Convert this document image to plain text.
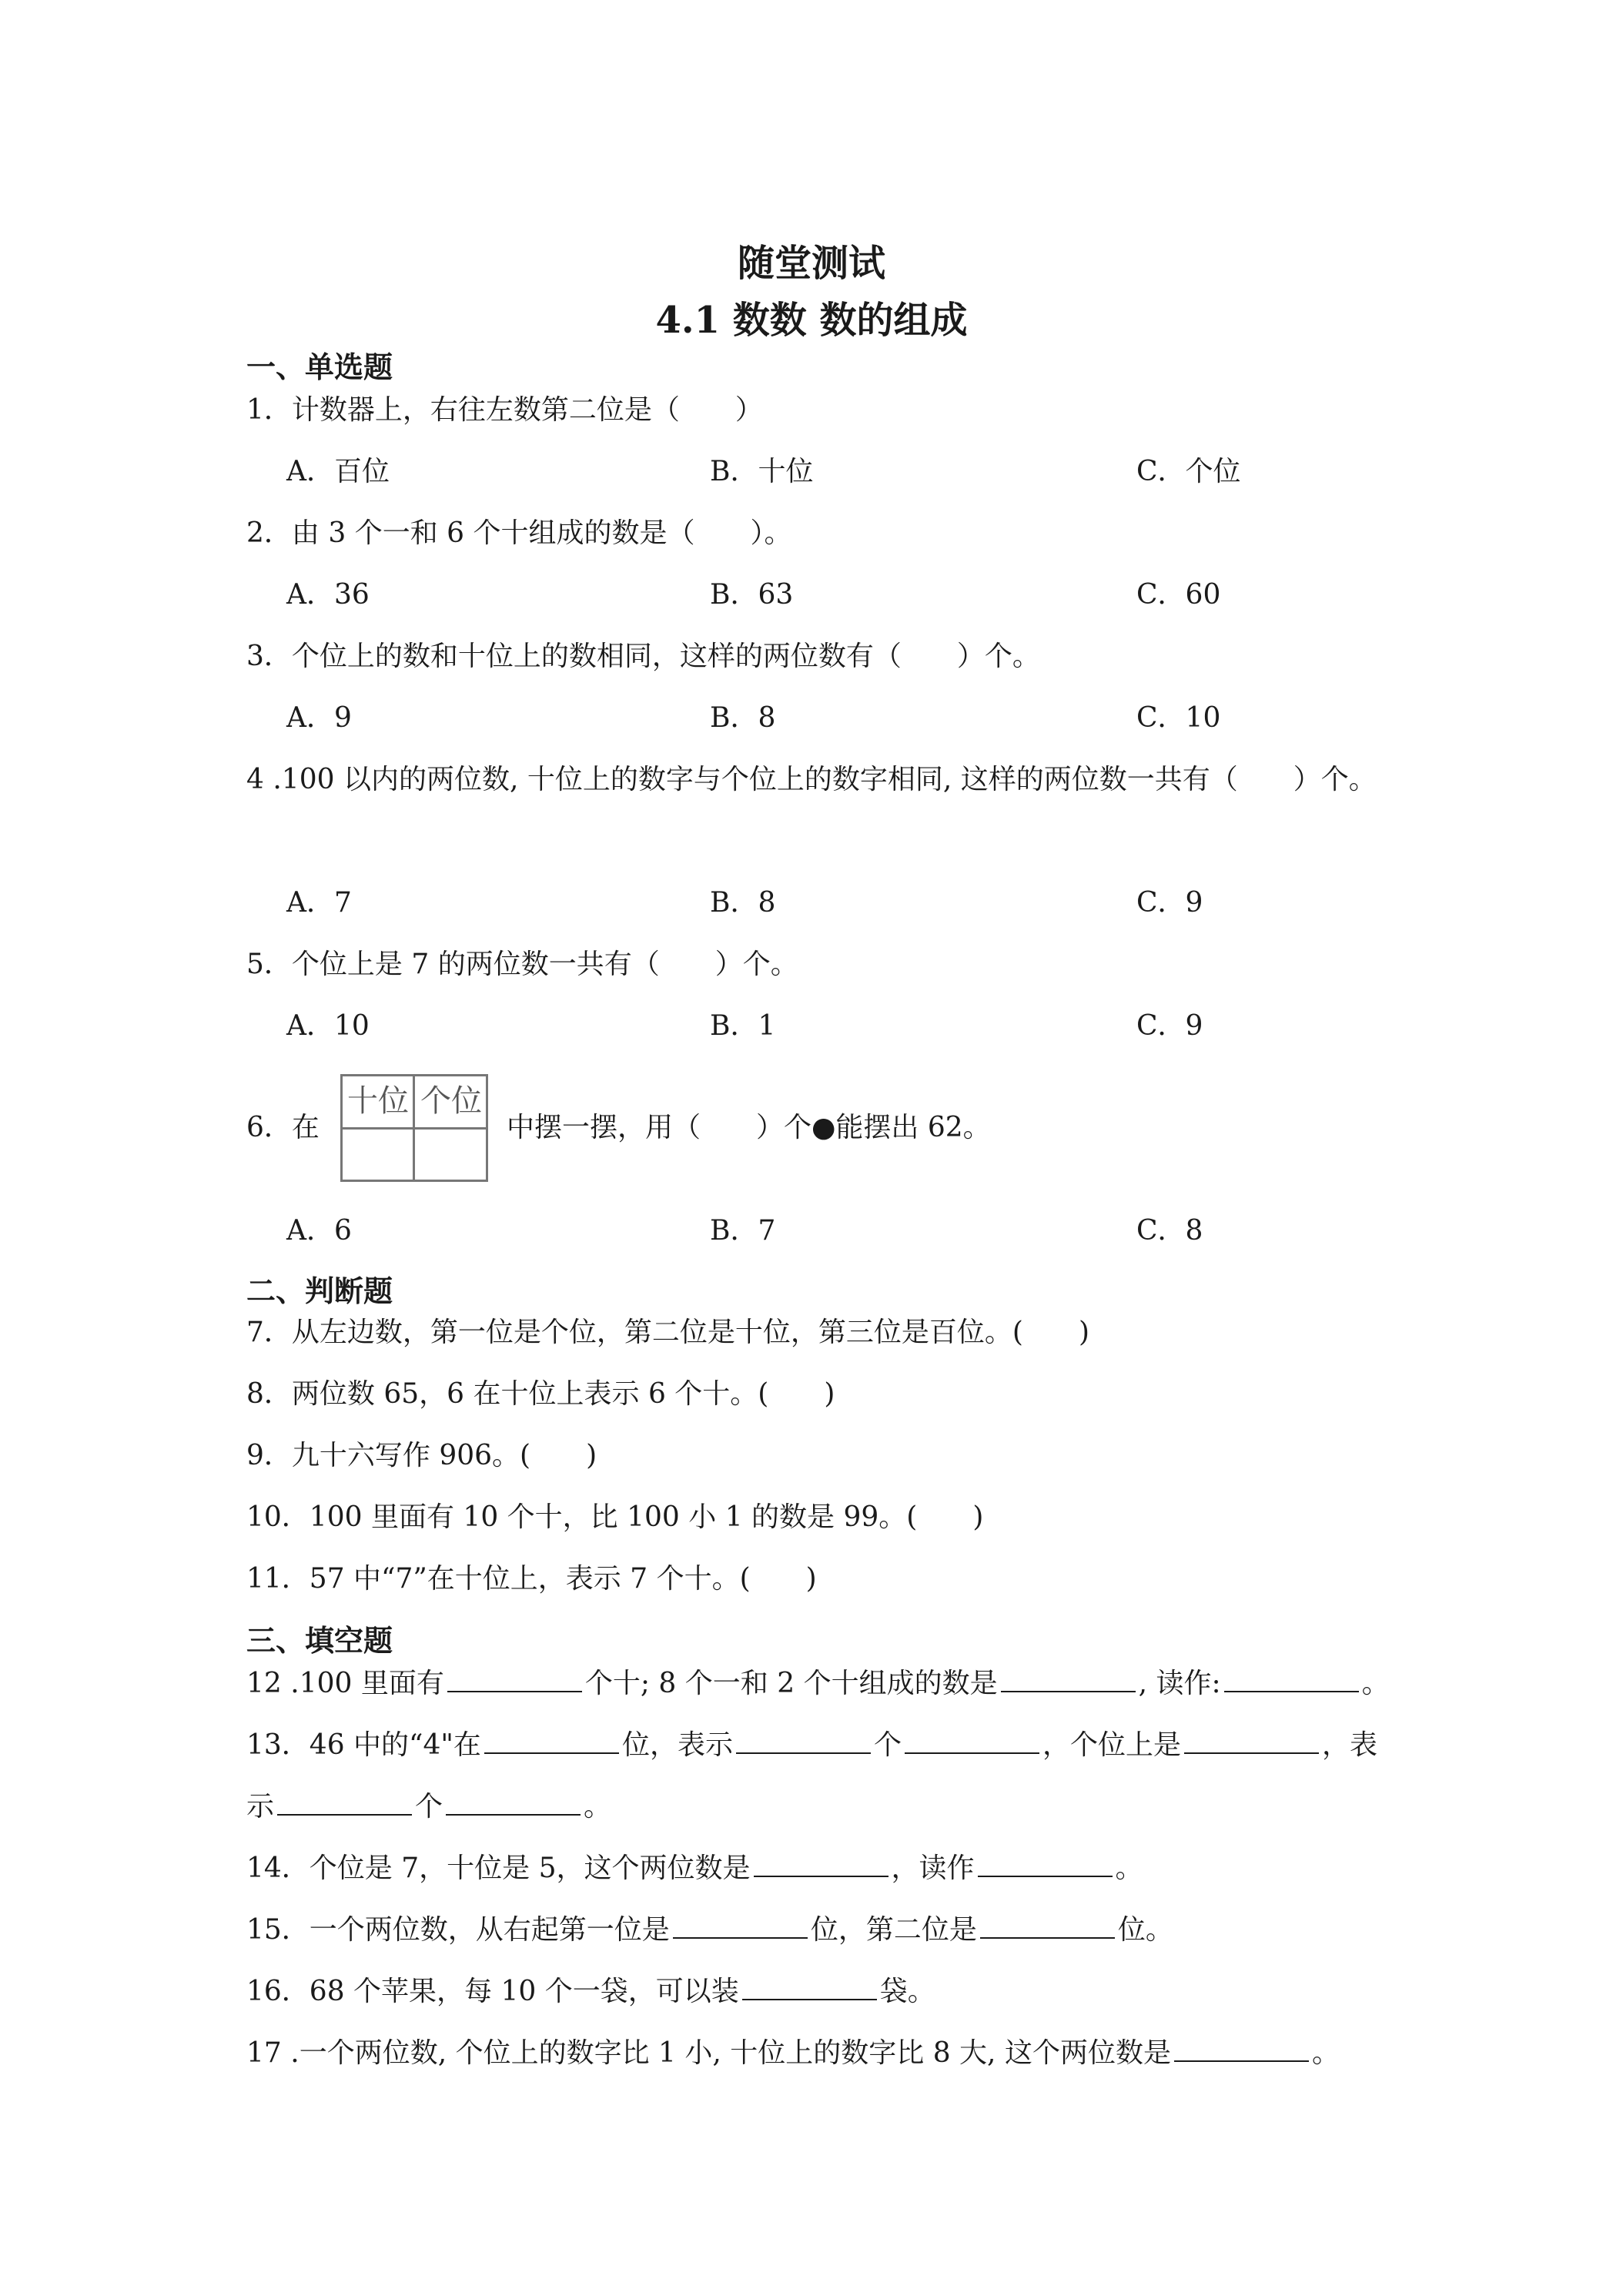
随堂测试
4.1 数数 数的组成
一、单选题
1．计数器上，右往左数第二位是（　　）
A．百位	B．十位	C．个位
2．由 3 个一和 6 个十组成的数是（　　）。
A．36	B．63	C．60
3．个位上的数和十位上的数相同，这样的两位数有（　　）个。
A．9	B．8	C．10
4 .100 以内的两位数, 十位上的数字与个位上的数字相同, 这样的两位数一共有（　　）个。
A．7	B．8	C．9
5．个位上是 7 的两位数一共有（　　）个。
A．10	B．1	C．9
6．在
十位 个位
中摆一摆，用（　　）个●能摆出 62。
A．6	B．7	C．8
二、判断题
7．从左边数，第一位是个位，第二位是十位，第三位是百位。(　　)
8．两位数 65，6 在十位上表示 6 个十。(　　)
9．九十六写作 906。(　　)
10．100 里面有 10 个十，比 100 小 1 的数是 99。(　　)
11．57 中“7”在十位上，表示 7 个十。(　　)
三、填空题
12 .100 里面有	个十; 8 个一和 2 个十组成的数是	, 读作:	。
13．46 中的“4"在	位，表示	个	，个位上是	，表
示	个	。
14．个位是 7，十位是 5，这个两位数是	，读作	。
15．一个两位数，从右起第一位是	位，第二位是	位。
16．68 个苹果，每 10 个一袋，可以装	袋。
17 .一个两位数, 个位上的数字比 1 小, 十位上的数字比 8 大, 这个两位数是	。
